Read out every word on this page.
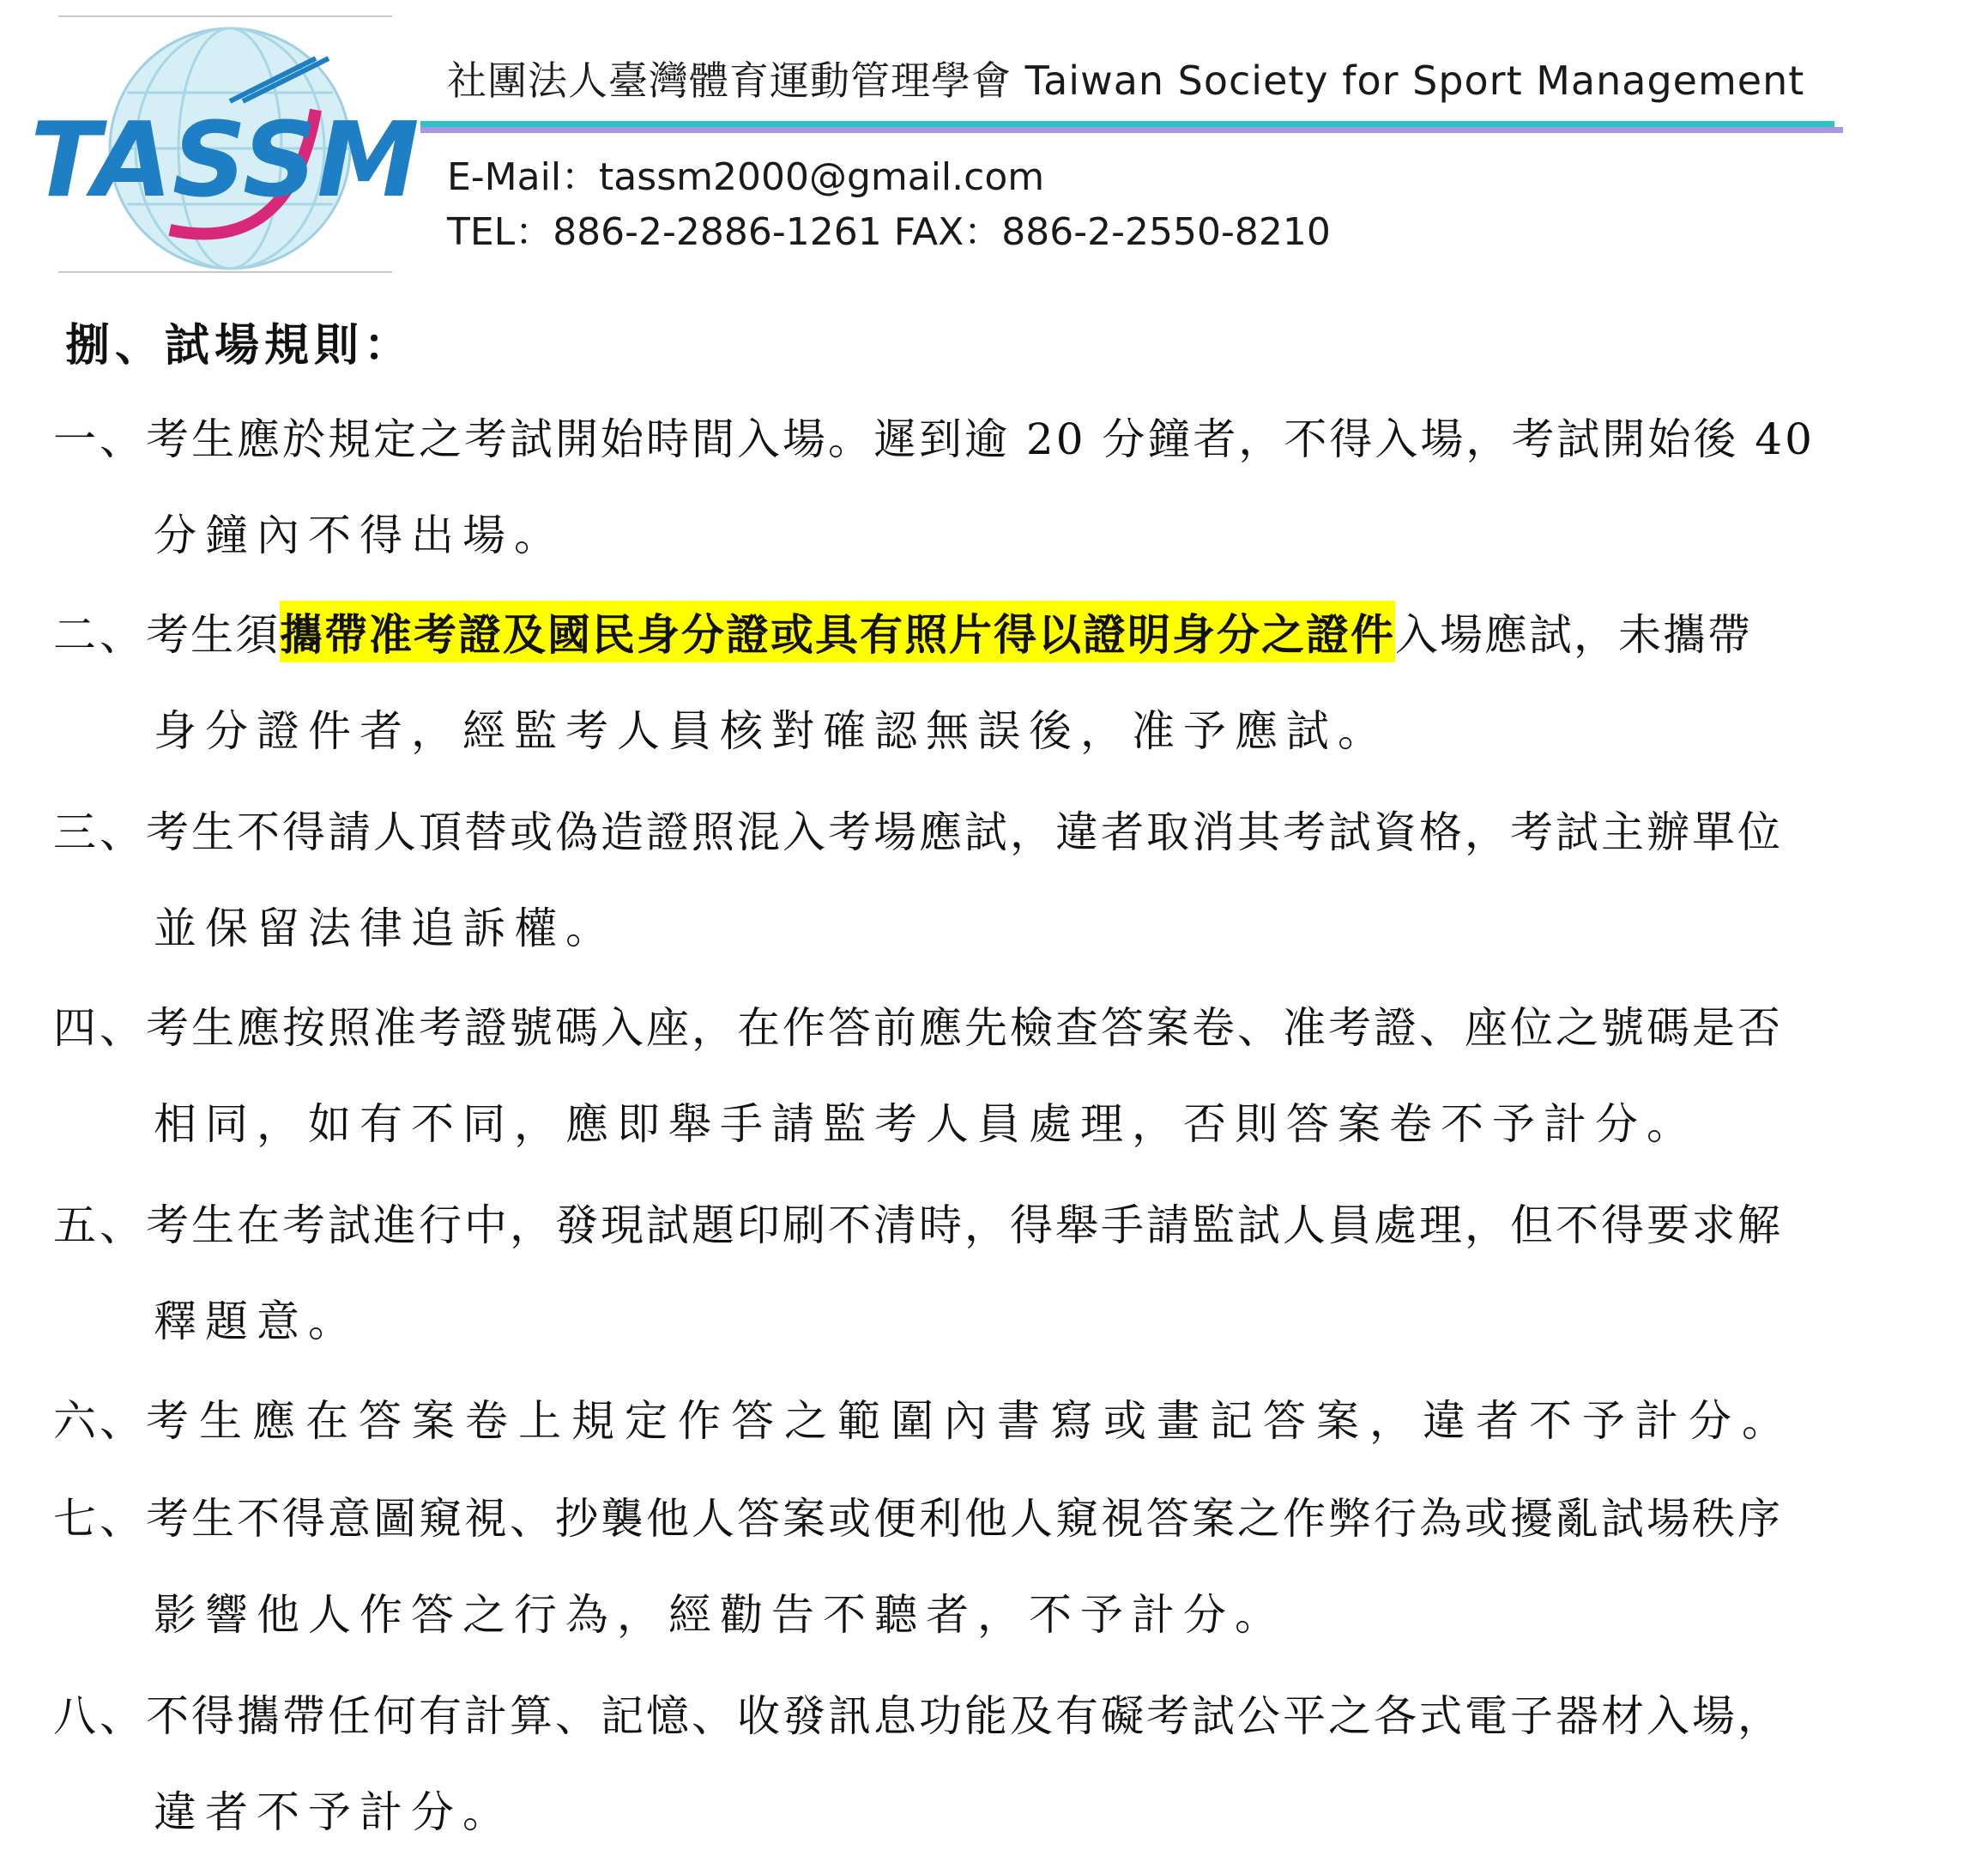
TASSM
社團法人臺灣體育運動管理學會 Taiwan Society for Sport Management
E-Mail：tassm2000@gmail.com
TEL：886-2-2886-1261 FAX：886-2-2550-8210
捌、試場規則：
一、 考生應於規定之考試開始時間入場。遲到逾 20 分鐘者，不得入場，考試開始後 40
分鐘內不得出場。
二、 考生須 攜帶准考證及國民身分證或具有照片得以證明身分之證件 入場應試，未攜帶
身分證件者，經監考人員核對確認無誤後，准予應試。
三、 考生不得請人頂替或偽造證照混入考場應試，違者取消其考試資格，考試主辦單位
並保留法律追訴權。
四、 考生應按照准考證號碼入座，在作答前應先檢查答案卷、准考證、座位之號碼是否
相同，如有不同，應即舉手請監考人員處理，否則答案卷不予計分。
五、 考生在考試進行中，發現試題印刷不清時，得舉手請監試人員處理，但不得要求解
釋題意。
六、 考生應在答案卷上規定作答之範圍內書寫或畫記答案，違者不予計分。
七、 考生不得意圖窺視、抄襲他人答案或便利他人窺視答案之作弊行為或擾亂試場秩序
影響他人作答之行為，經勸告不聽者，不予計分。
八、 不得攜帶任何有計算、記憶、收發訊息功能及有礙考試公平之各式電子器材入場，
違者不予計分。
